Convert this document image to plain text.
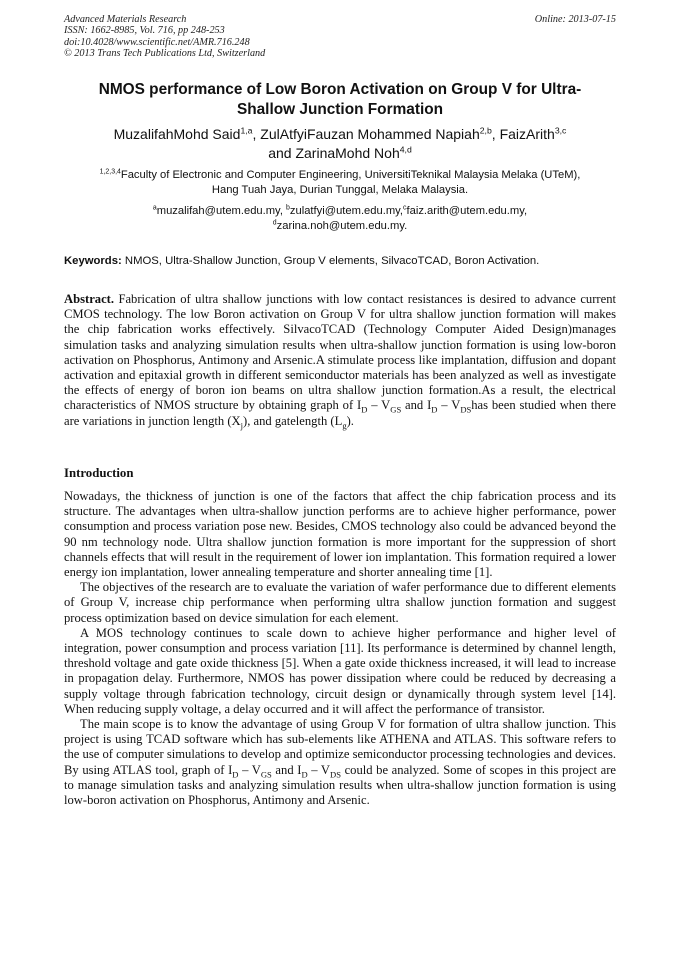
Advanced Materials Research
ISSN: 1662-8985, Vol. 716, pp 248-253
doi:10.4028/www.scientific.net/AMR.716.248
© 2013 Trans Tech Publications Ltd, Switzerland
Online: 2013-07-15
NMOS performance of Low Boron Activation on Group V for Ultra-
Shallow Junction Formation
MuzalifahMohd Said$^{1,a}$, ZulAtfyiFauzan Mohammed Napiah$^{2,b}$, FaizArith$^{3,c}$
and ZarinaMohd Noh$^{4,d}$
$^{1,2,3,4}$Faculty of Electronic and Computer Engineering, UniversitiTeknikal Malaysia Melaka (UTeM),
Hang Tuah Jaya, Durian Tunggal, Melaka Malaysia.
$^a$muzalifah@utem.edu.my, $^b$zulatfyi@utem.edu.my,$^c$faiz.arith@utem.edu.my,
$^d$zarina.noh@utem.edu.my.
Keywords: NMOS, Ultra-Shallow Junction, Group V elements, SilvacoTCAD, Boron Activation.
Abstract. Fabrication of ultra shallow junctions with low contact resistances is desired to advance current CMOS technology. The low Boron activation on Group V for ultra shallow junction formation will makes the chip fabrication works effectively. SilvacoTCAD (Technology Computer Aided Design)manages simulation tasks and analyzing simulation results when ultra-shallow junction formation is using low-boron activation on Phosphorus, Antimony and Arsenic.A stimulate process like implantation, diffusion and dopant activation and epitaxial growth in different semiconductor materials has been analyzed as well as investigate the effects of energy of boron ion beams on ultra shallow junction formation.As a result, the electrical characteristics of NMOS structure by obtaining graph of $I_D - V_{GS}$ and $I_D - V_{DS}has$ been studied when there are variations in junction length $(X_j)$, and gatelength $(L_g)$.
Introduction

Nowadays, the thickness of junction is one of the factors that affect the chip fabrication process and its structure. The advantages when ultra-shallow junction performs are to achieve higher performance, power consumption and process variation pose new. Besides, CMOS technology also could be advanced beyond the 90 nm technology node. Ultra shallow junction formation is more important for the suppression of short channels effects that will result in the requirement of lower ion implantation. This formation required a lower energy ion implantation, lower annealing temperature and shorter annealing time [1].

The objectives of the research are to evaluate the variation of wafer performance due to different elements of Group V, increase chip performance when performing ultra shallow junction formation and suggest process optimization based on device simulation for each element.

A MOS technology continues to scale down to achieve higher performance and higher level of integration, power consumption and process variation [11]. Its performance is determined by channel length, threshold voltage and gate oxide thickness [5]. When a gate oxide thickness increased, it will lead to increase in propagation delay. Furthermore, NMOS has power dissipation where could be reduced by decreasing a supply voltage through fabrication technology, circuit design or dynamically through system level [14]. When reducing supply voltage, a delay occurred and it will affect the performance of transistor.

The main scope is to know the advantage of using Group V for formation of ultra shallow junction. This project is using TCAD software which has sub-elements like ATHENA and ATLAS. This software refers to the use of computer simulations to develop and optimize semiconductor processing technologies and devices. By using ATLAS tool, graph of $I_D - V_{GS}$ and $I_D - V_{DS}$ could be analyzed. Some of scopes in this project are to manage simulation tasks and analyzing simulation results when ultra-shallow junction formation is using low-boron activation on Phosphorus, Antimony and Arsenic.
